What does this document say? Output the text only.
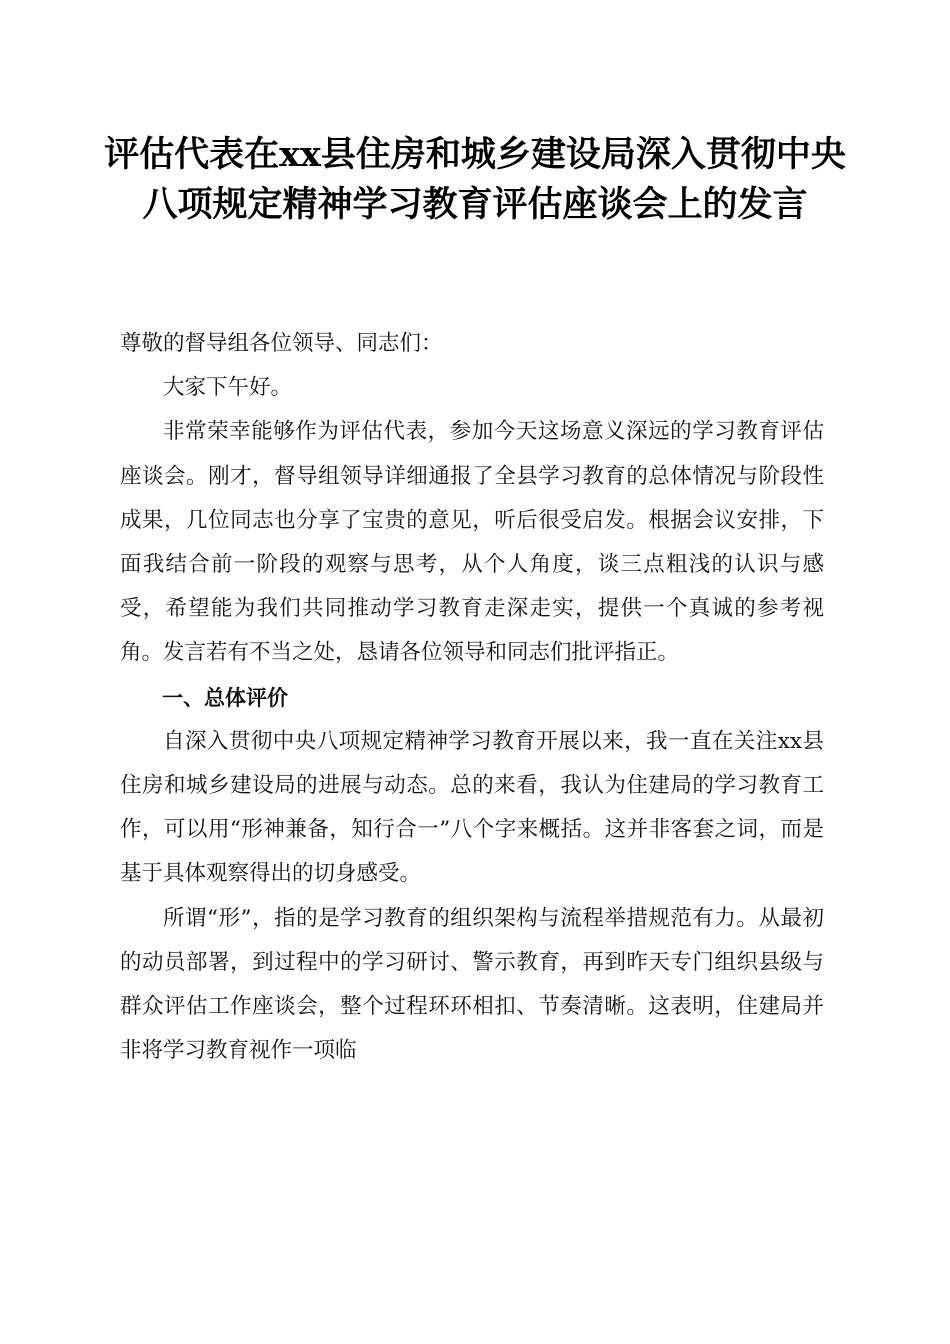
评估代表在xx县住房和城乡建设局深入贯彻中央八项规定精神学习教育评估座谈会上的发言

尊敬的督导组各位领导、同志们：

大家下午好。

非常荣幸能够作为评估代表，参加今天这场意义深远的学习教育评估座谈会。刚才，督导组领导详细通报了全县学习教育的总体情况与阶段性成果，几位同志也分享了宝贵的意见，听后很受启发。根据会议安排，下面我结合前一阶段的观察与思考，从个人角度，谈三点粗浅的认识与感受，希望能为我们共同推动学习教育走深走实，提供一个真诚的参考视角。发言若有不当之处，恳请各位领导和同志们批评指正。

一、总体评价

自深入贯彻中央八项规定精神学习教育开展以来，我一直在关注xx县住房和城乡建设局的进展与动态。总的来看，我认为住建局的学习教育工作，可以用“形神兼备，知行合一”八个字来概括。这并非客套之词，而是基于具体观察得出的切身感受。

所谓“形”，指的是学习教育的组织架构与流程举措规范有力。从最初的动员部署，到过程中的学习研讨、警示教育，再到昨天专门组织县级与群众评估工作座谈会，整个过程环环相扣、节奏清晰。这表明，住建局并非将学习教育视作一项临
